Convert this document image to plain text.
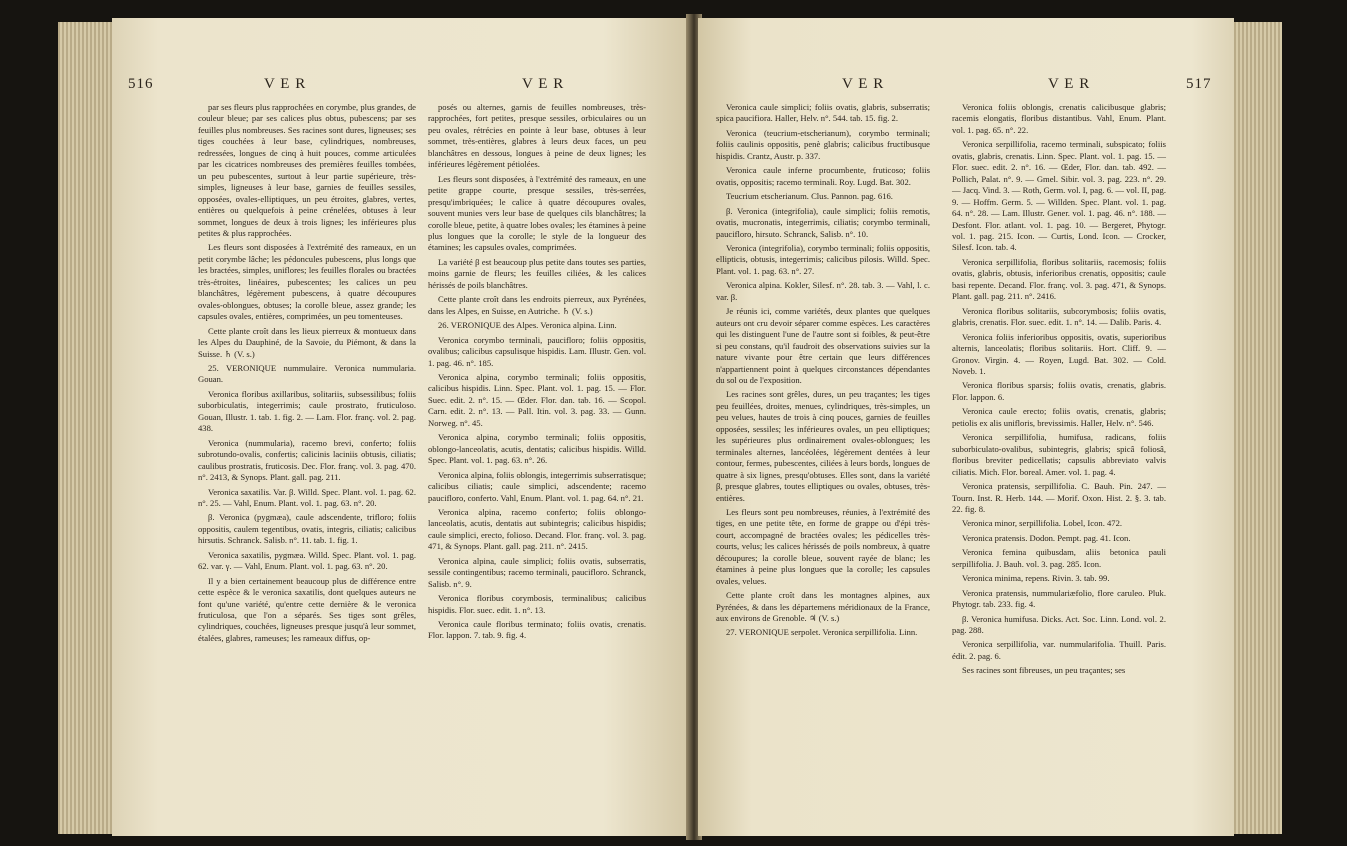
516	V E R	V E R

par ses fleurs plus rapprochées en corymbe, plus grandes, de couleur bleue; par ses calices plus obtus, pubescens; par ses feuilles plus nombreuses. Ses racines sont dures, ligneuses; ses tiges couchées à leur base, cylindriques, nombreuses, redressées, longues de cinq à huit pouces, comme articulées par les cicatrices nombreuses des premières feuilles tombées, un peu pubescentes, surtout à leur partie supérieure, très-simples, ligneuses à leur base, garnies de feuilles sessiles, opposées, ovales-elliptiques, un peu étroites, glabres, vertes, entières ou quelquefois à peine crénelées, obtuses à leur sommet, longues de deux à trois lignes; les inférieures plus petites & plus rapprochées.

Les fleurs sont disposées à l'extrémité des rameaux, en un petit corymbe lâche; les pédoncules pubescens, plus longs que les bractées, simples, uniflores; les feuilles florales ou bractées très-étroites, linéaires, pubescentes; les calices un peu blanchâtres, légèrement pubescens, à quatre découpures ovales-oblongues, obtuses; la corolle bleue, assez grande; les capsules ovales, entières, comprimées, un peu tomenteuses.

Cette plante croît dans les lieux pierreux & montueux dans les Alpes du Dauphiné, de la Savoie, du Piémont, & dans la Suisse. ♄ (V. s.)

25. VERONIQUE nummulaire. Veronica nummularia. Gouan.

Veronica floribus axillaribus, solitariis, subsessilibus; foliis suborbiculatis, integerrimis; caule prostrato, fruticuloso. Gouan, Illustr. 1. tab. 1. fig. 2. — Lam. Flor. franç. vol. 2. pag. 438.

Veronica (nummularia), racemo brevi, conferto; foliis subrotundo-ovalis, confertis; calicinis laciniis obtusis, ciliatis; caulibus prostratis, fruticosis. Dec. Flor. franç. vol. 3. pag. 470. n°. 2413, & Synops. Plant. gall. pag. 211.

Veronica saxatilis. Var. β. Willd. Spec. Plant. vol. 1. pag. 62. n°. 25. — Vahl, Enum. Plant. vol. 1. pag. 63. n°. 20.

β. Veronica (pygmæa), caule adscendente, trifloro; foliis oppositis, caulem tegentibus, ovatis, integris, ciliatis; calicibus hirsutis. Schranck. Salisb. n°. 11. tab. 1. fig. 1.

Veronica saxatilis, pygmæa. Willd. Spec. Plant. vol. 1. pag. 62. var. γ. — Vahl, Enum. Plant. vol. 1. pag. 63. n°. 20.

Il y a bien certainement beaucoup plus de différence entre cette espèce & le veronica saxatilis, dont quelques auteurs ne font qu'une variété, qu'entre cette dernière & le veronica fruticulosa, que l'on a séparés. Ses tiges sont grêles, cylindriques, couchées, ligneuses presque jusqu'à leur sommet, étalées, glabres, rameuses; les rameaux diffus, op-

posés ou alternes, garnis de feuilles nombreuses, très-rapprochées, fort petites, presque sessiles, orbiculaires ou un peu ovales, rétrécies en pointe à leur base, obtuses à leur sommet, très-entières, glabres à leurs deux faces, un peu blanchâtres en dessous, longues à peine de deux lignes; les inférieures légèrement pétiolées.

Les fleurs sont disposées, à l'extrémité des rameaux, en une petite grappe courte, presque sessiles, très-serrées, presqu'imbriquées; le calice à quatre découpures ovales, souvent munies vers leur base de quelques cils blanchâtres; la corolle bleue, petite, à quatre lobes ovales; les étamines à peine plus longues que la corolle; le style de la longueur des étamines; les capsules ovales, comprimées.

La variété β est beaucoup plus petite dans toutes ses parties, moins garnie de fleurs; les feuilles ciliées, & les calices hérissés de poils blanchâtres.

Cette plante croît dans les endroits pierreux, aux Pyrénées, dans les Alpes, en Suisse, en Autriche. ♄ (V. s.)

26. VERONIQUE des Alpes. Veronica alpina. Linn.

Veronica corymbo terminali, paucifloro; foliis oppositis, ovalibus; calicibus capsulisque hispidis. Lam. Illustr. Gen. vol. 1. pag. 46. n°. 185.

Veronica alpina, corymbo terminali; foliis oppositis, calicibus hispidis. Linn. Spec. Plant. vol. 1. pag. 15. — Flor. Suec. edit. 2. n°. 15. — Œder. Flor. dan. tab. 16. — Scopol. Carn. edit. 2. n°. 13. — Pall. Itin. vol. 3. pag. 33. — Gunn. Norweg. n°. 45.

Veronica alpina, corymbo terminali; foliis oppositis, oblongo-lanceolatis, acutis, dentatis; calicibus hispidis. Willd. Spec. Plant. vol. 1. pag. 63. n°. 26.

Veronica alpina, foliis oblongis, integerrimis subserratisque; calicibus ciliatis; caule simplici, adscendente; racemo paucifloro, conferto. Vahl, Enum. Plant. vol. 1. pag. 64. n°. 21.

Veronica alpina, racemo conferto; foliis oblongo-lanceolatis, acutis, dentatis aut subintegris; calicibus hispidis; caule simplici, erecto, folioso. Decand. Flor. franç. vol. 3. pag. 471, & Synops. Plant. gall. pag. 211. n°. 2415.

Veronica alpina, caule simplici; foliis ovatis, subserratis, sessile contingentibus; racemo terminali, paucifloro. Schranck, Salisb. n°. 9.

Veronica floribus corymbosis, terminalibus; calicibus hispidis. Flor. suec. edit. 1. n°. 13.

Veronica caule floribus terminato; foliis ovatis, crenatis. Flor. lappon. 7. tab. 9. fig. 4.

V E R	V E R	517

Veronica caule simplici; foliis ovatis, glabris, subserratis; spica paucifiora. Haller, Helv. n°. 544. tab. 15. fig. 2.

Veronica (teucrium-etscherianum), corymbo terminali; foliis caulinis oppositis, penè glabris; calicibus fructibusque hispidis. Crantz, Austr. p. 337.

Veronica caule inferne procumbente, fruticoso; foliis ovatis, oppositis; racemo terminali. Roy. Lugd. Bat. 302.

Teucrium etscherianum. Clus. Pannon. pag. 616.

β. Veronica (integrifolia), caule simplici; foliis remotis, ovatis, mucronatis, integerrimis, ciliatis; corymbo terminali, paucifloro, hirsuto. Schranck, Salisb. n°. 10.

Veronica (integrifolia), corymbo terminali; foliis oppositis, ellipticis, obtusis, integerrimis; calicibus pilosis. Willd. Spec. Plant. vol. 1. pag. 63. n°. 27.

Veronica alpina. Kokler, Silesf. n°. 28. tab. 3. — Vahl, l. c. var. β.

Je réunis ici, comme variétés, deux plantes que quelques auteurs ont cru devoir séparer comme espèces. Les caractères qui les distinguent l'une de l'autre sont si foibles, & peut-être si peu constans, qu'il faudroit des observations suivies sur la nature vivante pour être certain que leurs différences n'appartiennent point à quelques circonstances dépendantes du sol ou de l'exposition.

Les racines sont grêles, dures, un peu traçantes; les tiges peu feuillées, droites, menues, cylindriques, très-simples, un peu velues, hautes de trois à cinq pouces, garnies de feuilles opposées, sessiles; les inférieures ovales, un peu elliptiques; les supérieures plus ordinairement ovales-oblongues; les terminales alternes, lancéolées, légèrement dentées à leur contour, fermes, pubescentes, ciliées à leurs bords, longues de quatre à six lignes, presqu'obtuses. Elles sont, dans la variété β, presque glabres, toutes elliptiques ou ovales, obtuses, très-entières.

Les fleurs sont peu nombreuses, réunies, à l'extrémité des tiges, en une petite tête, en forme de grappe ou d'épi très-court, accompagné de bractées ovales; les pédicelles très-courts, velus; les calices hérissés de poils nombreux, à quatre découpures; la corolle bleue, souvent rayée de blanc; les étamines à peine plus longues que la corolle; les capsules ovales, velues.

Cette plante croît dans les montagnes alpines, aux Pyrénées, & dans les départemens méridionaux de la France, aux environs de Grenoble. ♃ (V. s.)

27. VERONIQUE serpolet. Veronica serpillifolia. Linn.

Veronica foliis oblongis, crenatis calicibusque glabris; racemis elongatis, floribus distantibus. Vahl, Enum. Plant. vol. 1. pag. 65. n°. 22.

Veronica serpillifolia, racemo terminali, subspicato; foliis ovatis, glabris, crenatis. Linn. Spec. Plant. vol. 1. pag. 15. — Flor. suec. edit. 2. n°. 16. — Œder, Flor. dan. tab. 492. — Pollich, Palat. n°. 9. — Gmel. Sibir. vol. 3. pag. 223. n°. 29. — Jacq. Vind. 3. — Roth, Germ. vol. I, pag. 6. — vol. II, pag. 9. — Hoffm. Germ. 5. — Willden. Spec. Plant. vol. 1. pag. 64. n°. 28. — Lam. Illustr. Gener. vol. 1. pag. 46. n°. 188. — Desfont. Flor. atlant. vol. 1. pag. 10. — Bergeret, Phytogr. vol. 1. pag. 215. Icon. — Curtis, Lond. Icon. — Crocker, Silesf. Icon. tab. 4.

Veronica serpillifolia, floribus solitariis, racemosis; foliis ovatis, glabris, obtusis, inferioribus crenatis, oppositis; caule basi repente. Decand. Flor. franç. vol. 3. pag. 471, & Synops. Plant. gall. pag. 211. n°. 2416.

Veronica floribus solitariis, subcorymbosis; foliis ovatis, glabris, crenatis. Flor. suec. edit. 1. n°. 14. — Dalib. Paris. 4.

Veronica foliis inferioribus oppositis, ovatis, superioribus alternis, lanceolatis; floribus solitariis. Hort. Cliff. 9. — Gronov. Virgin. 4. — Royen, Lugd. Bat. 302. — Cold. Noveb. 1.

Veronica floribus sparsis; foliis ovatis, crenatis, glabris. Flor. lappon. 6.

Veronica caule erecto; foliis ovatis, crenatis, glabris; petiolis ex alis unifloris, brevissimis. Haller, Helv. n°. 546.

Veronica serpillifolia, humifusa, radicans, foliis suborbiculato-ovalibus, subintegris, glabris; spicâ foliosâ, floribus breviter pedicellatis; capsulis abbreviato valvis ciliatis. Mich. Flor. boreal. Amer. vol. 1. pag. 4.

Veronica pratensis, serpillifolia. C. Bauh. Pin. 247. — Tourn. Inst. R. Herb. 144. — Morif. Oxon. Hist. 2. §. 3. tab. 22. fig. 8.

Veronica minor, serpillifolia. Lobel, Icon. 472.

Veronica pratensis. Dodon. Pempt. pag. 41. Icon.

Veronica femina quibusdam, aliis betonica pauli serpillifolia. J. Bauh. vol. 3. pag. 285. Icon.

Veronica minima, repens. Rivin. 3. tab. 99.

Veronica pratensis, nummulariæfolio, flore caruleo. Pluk. Phytogr. tab. 233. fig. 4.

β. Veronica humifusa. Dicks. Act. Soc. Linn. Lond. vol. 2. pag. 288.

Veronica serpillifolia, var. nummularifolia. Thuill. Paris. édit. 2. pag. 6.

Ses racines sont fibreuses, un peu traçantes; ses
